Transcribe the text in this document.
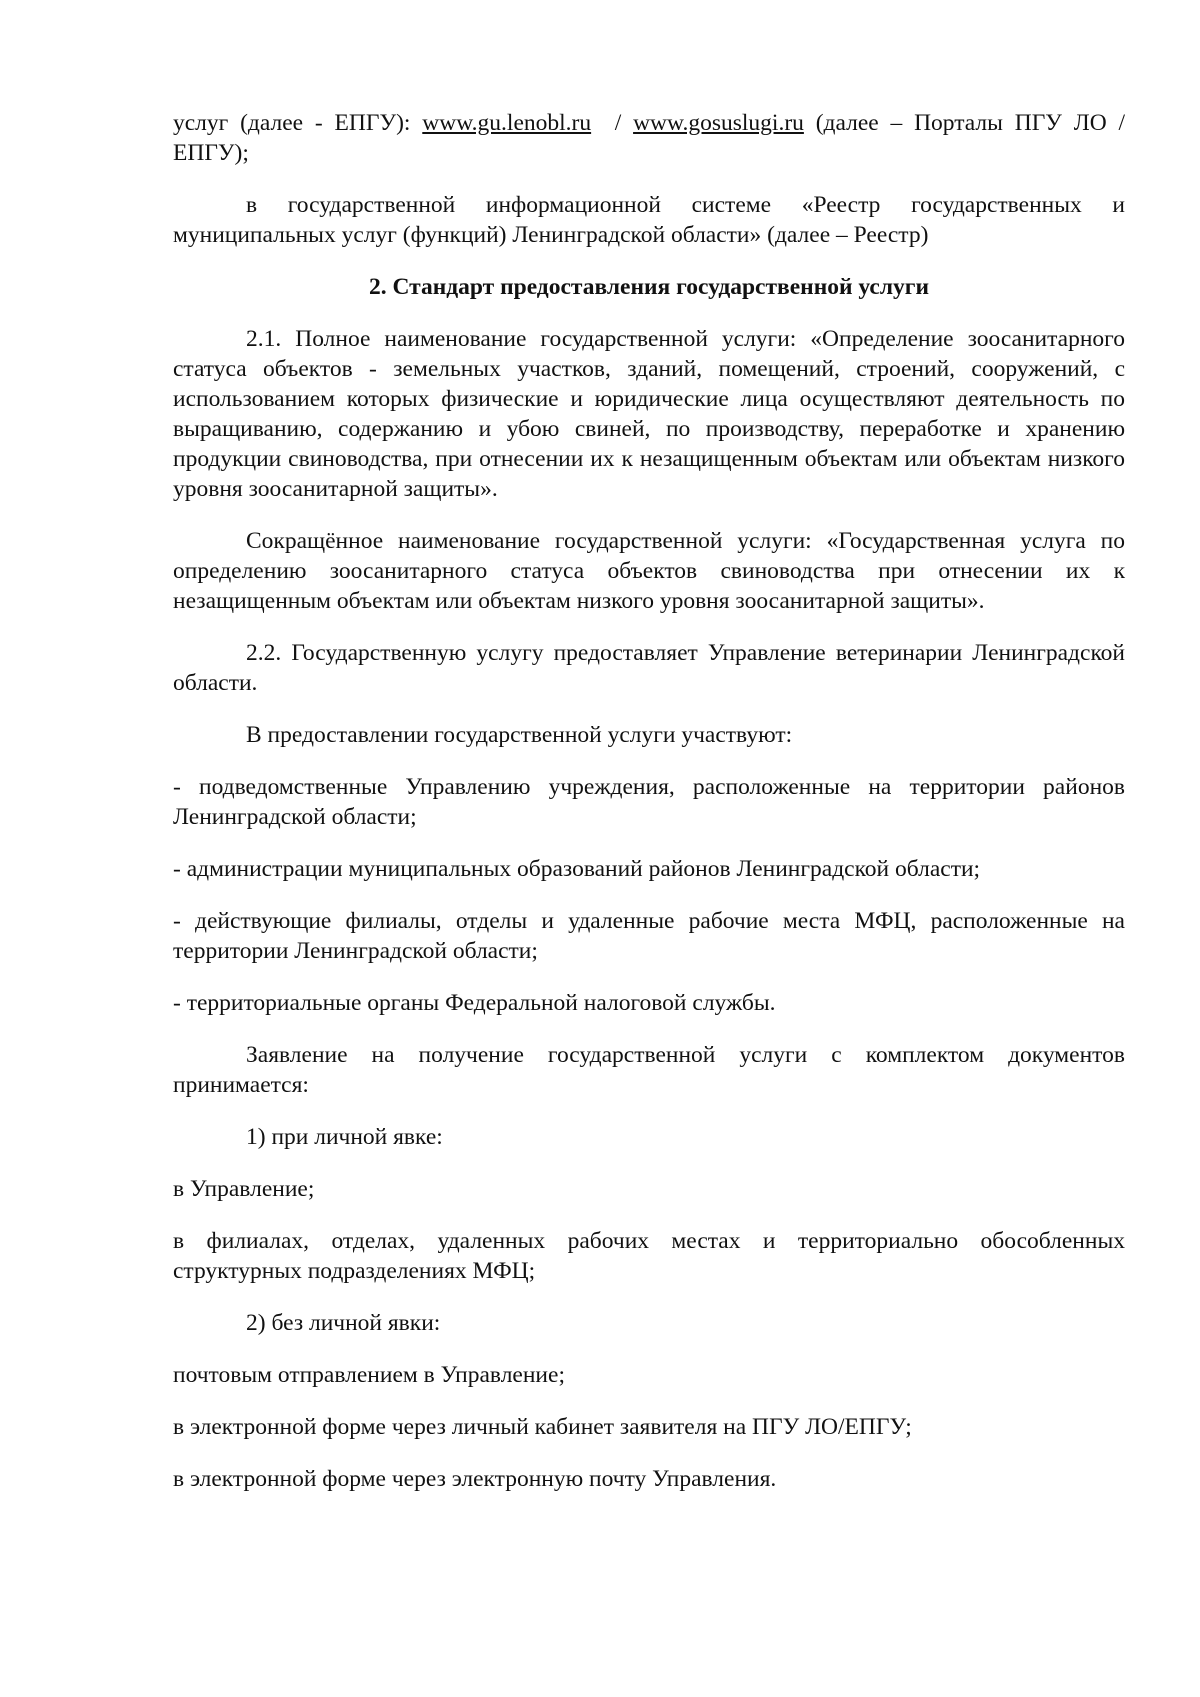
услуг (далее - ЕПГУ): www.gu.lenobl.ru  / www.gosuslugi.ru (далее – Порталы ПГУ ЛО / ЕПГУ);

в государственной информационной системе «Реестр государственных и муниципальных услуг (функций) Ленинградской области» (далее – Реестр)

2. Стандарт предоставления государственной услуги

2.1. Полное наименование государственной услуги: «Определение зоосанитарного статуса объектов - земельных участков, зданий, помещений, строений, сооружений, с использованием которых физические и юридические лица осуществляют деятельность по выращиванию, содержанию и убою свиней, по производству, переработке и хранению продукции свиноводства, при отнесении их к незащищенным объектам или объектам низкого уровня зоосанитарной защиты».

Сокращённое наименование государственной услуги: «Государственная услуга по определению зоосанитарного статуса объектов свиноводства при отнесении их к незащищенным объектам или объектам низкого уровня зоосанитарной защиты».

2.2. Государственную услугу предоставляет Управление ветеринарии Ленинградской области.

В предоставлении государственной услуги участвуют:

- подведомственные Управлению учреждения, расположенные на территории районов Ленинградской области;

- администрации муниципальных образований районов Ленинградской области;

- действующие филиалы, отделы и удаленные рабочие места МФЦ, расположенные на территории Ленинградской области;

- территориальные органы Федеральной налоговой службы.

Заявление на получение государственной услуги с комплектом документов принимается:

1) при личной явке:

в Управление;

в филиалах, отделах, удаленных рабочих местах и территориально обособленных структурных подразделениях МФЦ;

2) без личной явки:

почтовым отправлением в Управление;

в электронной форме через личный кабинет заявителя на ПГУ ЛО/ЕПГУ;

в электронной форме через электронную почту Управления.
